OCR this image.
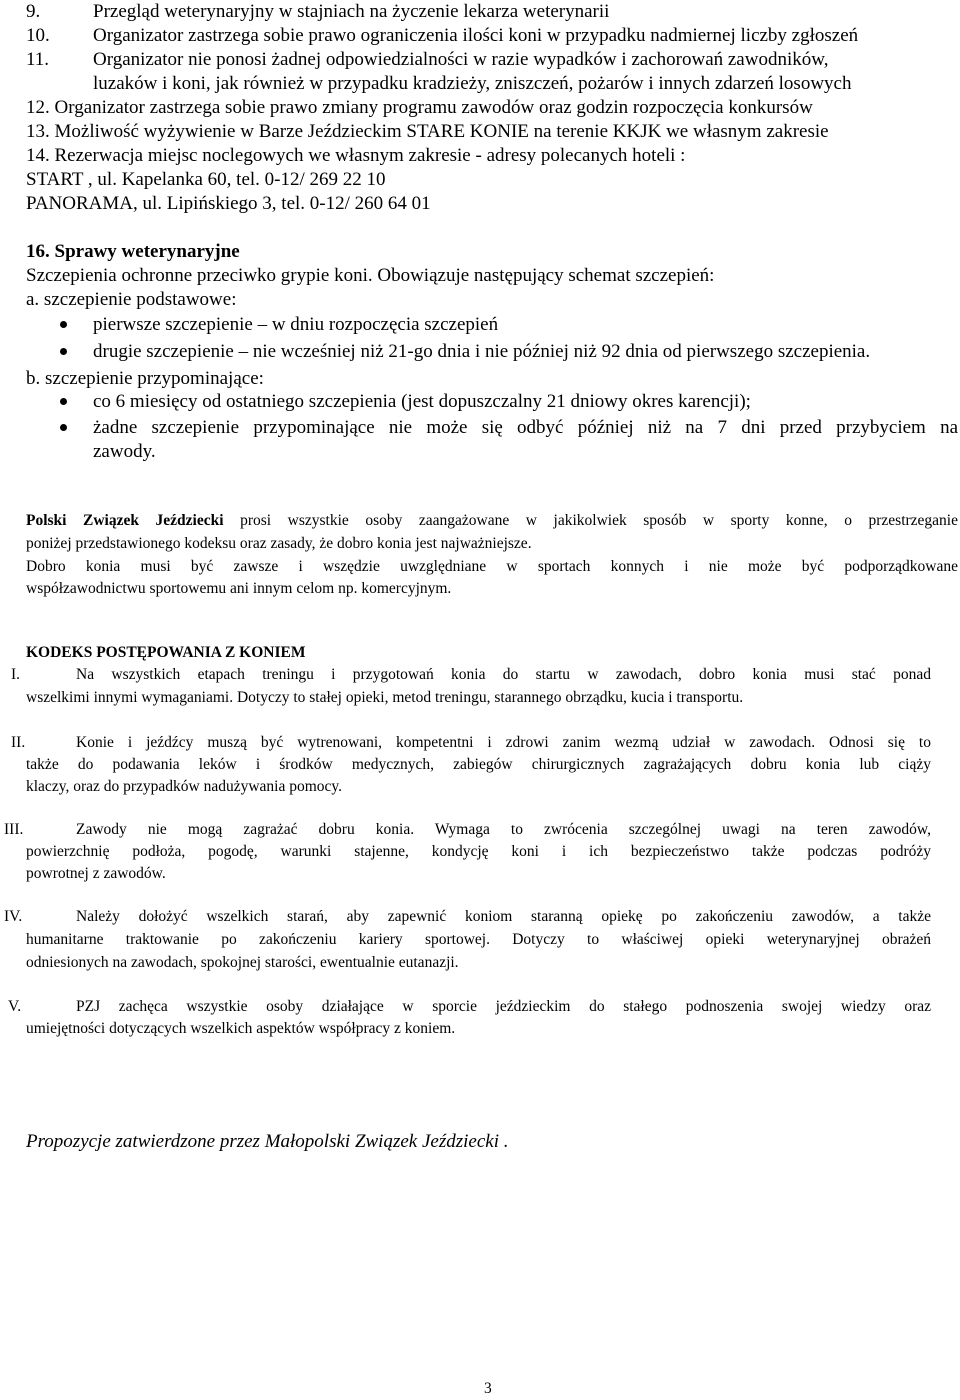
9.	Przegląd weterynaryjny w stajniach na życzenie lekarza weterynarii
10. Organizator zastrzega sobie prawo ograniczenia ilości koni w przypadku nadmiernej liczby zgłoszeń
11. Organizator nie ponosi żadnej odpowiedzialności w razie wypadków i zachorowań zawodników,
luzaków i koni, jak również w przypadku kradzieży, zniszczeń, pożarów i innych zdarzeń losowych
12. Organizator zastrzega sobie prawo zmiany programu zawodów oraz godzin rozpoczęcia konkursów
13. Możliwość wyżywienie w Barze Jeździeckim STARE KONIE na terenie KKJK we własnym zakresie
14. Rezerwacja miejsc noclegowych we własnym zakresie - adresy polecanych hoteli :
START , ul. Kapelanka 60, tel. 0-12/ 269 22 10
PANORAMA, ul. Lipińskiego 3, tel. 0-12/ 260 64 01
16. Sprawy weterynaryjne
Szczepienia ochronne przeciwko grypie koni. Obowiązuje następujący schemat szczepień:
a. szczepienie podstawowe:
pierwsze szczepienie – w dniu rozpoczęcia szczepień
drugie szczepienie – nie wcześniej niż 21-go dnia i nie później niż 92 dnia od pierwszego szczepienia.
b. szczepienie przypominające:
co 6 miesięcy od ostatniego szczepienia (jest dopuszczalny 21 dniowy okres karencji);
żadne szczepienie przypominające nie może się odbyć później niż na 7 dni przed przybyciem na
zawody.
Polski Związek Jeździecki prosi wszystkie osoby zaangażowane w jakikolwiek sposób w sporty konne, o przestrzeganie
poniżej przedstawionego kodeksu oraz zasady, że dobro konia jest najważniejsze.
Dobro konia musi być zawsze i wszędzie uwzględniane w sportach konnych i nie może być podporządkowane
współzawodnictwu sportowemu ani innym celom np. komercyjnym.
KODEKS POSTĘPOWANIA Z KONIEM
I.	Na wszystkich etapach treningu i przygotowań konia do startu w zawodach, dobro konia musi stać ponad
wszelkimi innymi wymaganiami. Dotyczy to stałej opieki, metod treningu, starannego obrządku, kucia i transportu.
II.	Konie i jeźdźcy muszą być wytrenowani, kompetentni i zdrowi zanim wezmą udział w zawodach. Odnosi się to
także do podawania leków i środków medycznych, zabiegów chirurgicznych zagrażających dobru konia lub ciąży
klaczy, oraz do przypadków nadużywania pomocy.
III.	Zawody nie mogą zagrażać dobru konia. Wymaga to zwrócenia szczególnej uwagi na teren zawodów,
powierzchnię podłoża, pogodę, warunki stajenne, kondycję koni i ich bezpieczeństwo także podczas podróży
powrotnej z zawodów.
IV.	Należy dołożyć wszelkich starań, aby zapewnić koniom staranną opiekę po zakończeniu zawodów, a także
humanitarne traktowanie po zakończeniu kariery sportowej. Dotyczy to właściwej opieki weterynaryjnej obrażeń
odniesionych na zawodach, spokojnej starości, ewentualnie eutanazji.
V.	PZJ zachęca wszystkie osoby działające w sporcie jeździeckim do stałego podnoszenia swojej wiedzy oraz
umiejętności dotyczących wszelkich aspektów współpracy z koniem.
Propozycje zatwierdzone przez Małopolski Związek Jeździecki .
3
